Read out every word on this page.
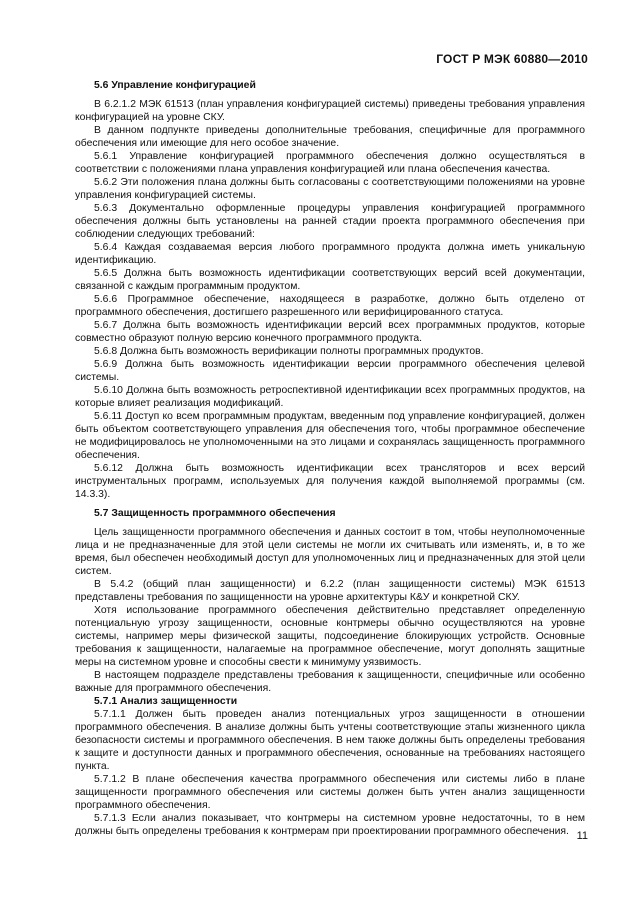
ГОСТ Р МЭК 60880—2010
5.6 Управление конфигурацией

В 6.2.1.2 МЭК 61513 (план управления конфигурацией системы) приведены требования управления конфигурацией на уровне СКУ.

В данном подпункте приведены дополнительные требования, специфичные для программного обеспечения или имеющие для него особое значение.

5.6.1 Управление конфигурацией программного обеспечения должно осуществляться в соответствии с положениями плана управления конфигурацией или плана обеспечения качества.

5.6.2 Эти положения плана должны быть согласованы с соответствующими положениями на уровне управления конфигурацией системы.

5.6.3 Документально оформленные процедуры управления конфигурацией программного обеспечения должны быть установлены на ранней стадии проекта программного обеспечения при соблюдении следующих требований:

5.6.4 Каждая создаваемая версия любого программного продукта должна иметь уникальную идентификацию.

5.6.5 Должна быть возможность идентификации соответствующих версий всей документации, связанной с каждым программным продуктом.

5.6.6 Программное обеспечение, находящееся в разработке, должно быть отделено от программного обеспечения, достигшего разрешенного или верифицированного статуса.

5.6.7 Должна быть возможность идентификации версий всех программных продуктов, которые совместно образуют полную версию конечного программного продукта.

5.6.8 Должна быть возможность верификации полноты программных продуктов.

5.6.9 Должна быть возможность идентификации версии программного обеспечения целевой системы.

5.6.10 Должна быть возможность ретроспективной идентификации всех программных продуктов, на которые влияет реализация модификаций.

5.6.11 Доступ ко всем программным продуктам, введенным под управление конфигурацией, должен быть объектом соответствующего управления для обеспечения того, чтобы программное обеспечение не модифицировалось не уполномоченными на это лицами и сохранялась защищенность программного обеспечения.

5.6.12 Должна быть возможность идентификации всех трансляторов и всех версий инструментальных программ, используемых для получения каждой выполняемой программы (см. 14.3.3).

5.7 Защищенность программного обеспечения

Цель защищенности программного обеспечения и данных состоит в том, чтобы неуполномоченные лица и не предназначенные для этой цели системы не могли их считывать или изменять, и, в то же время, был обеспечен необходимый доступ для уполномоченных лиц и предназначенных для этой цели систем.

В 5.4.2 (общий план защищенности) и 6.2.2 (план защищенности системы) МЭК 61513 представлены требования по защищенности на уровне архитектуры К&У и конкретной СКУ.

Хотя использование программного обеспечения действительно представляет определенную потенциальную угрозу защищенности, основные контрмеры обычно осуществляются на уровне системы, например меры физической защиты, подсоединение блокирующих устройств. Основные требования к защищенности, налагаемые на программное обеспечение, могут дополнять защитные меры на системном уровне и способны свести к минимуму уязвимость.

В настоящем подразделе представлены требования к защищенности, специфичные или особенно важные для программного обеспечения.

5.7.1 Анализ защищенности

5.7.1.1 Должен быть проведен анализ потенциальных угроз защищенности в отношении программного обеспечения. В анализе должны быть учтены соответствующие этапы жизненного цикла безопасности системы и программного обеспечения. В нем также должны быть определены требования к защите и доступности данных и программного обеспечения, основанные на требованиях настоящего пункта.

5.7.1.2 В плане обеспечения качества программного обеспечения или системы либо в плане защищенности программного обеспечения или системы должен быть учтен анализ защищенности программного обеспечения.

5.7.1.3 Если анализ показывает, что контрмеры на системном уровне недостаточны, то в нем должны быть определены требования к контрмерам при проектировании программного обеспечения. 11
